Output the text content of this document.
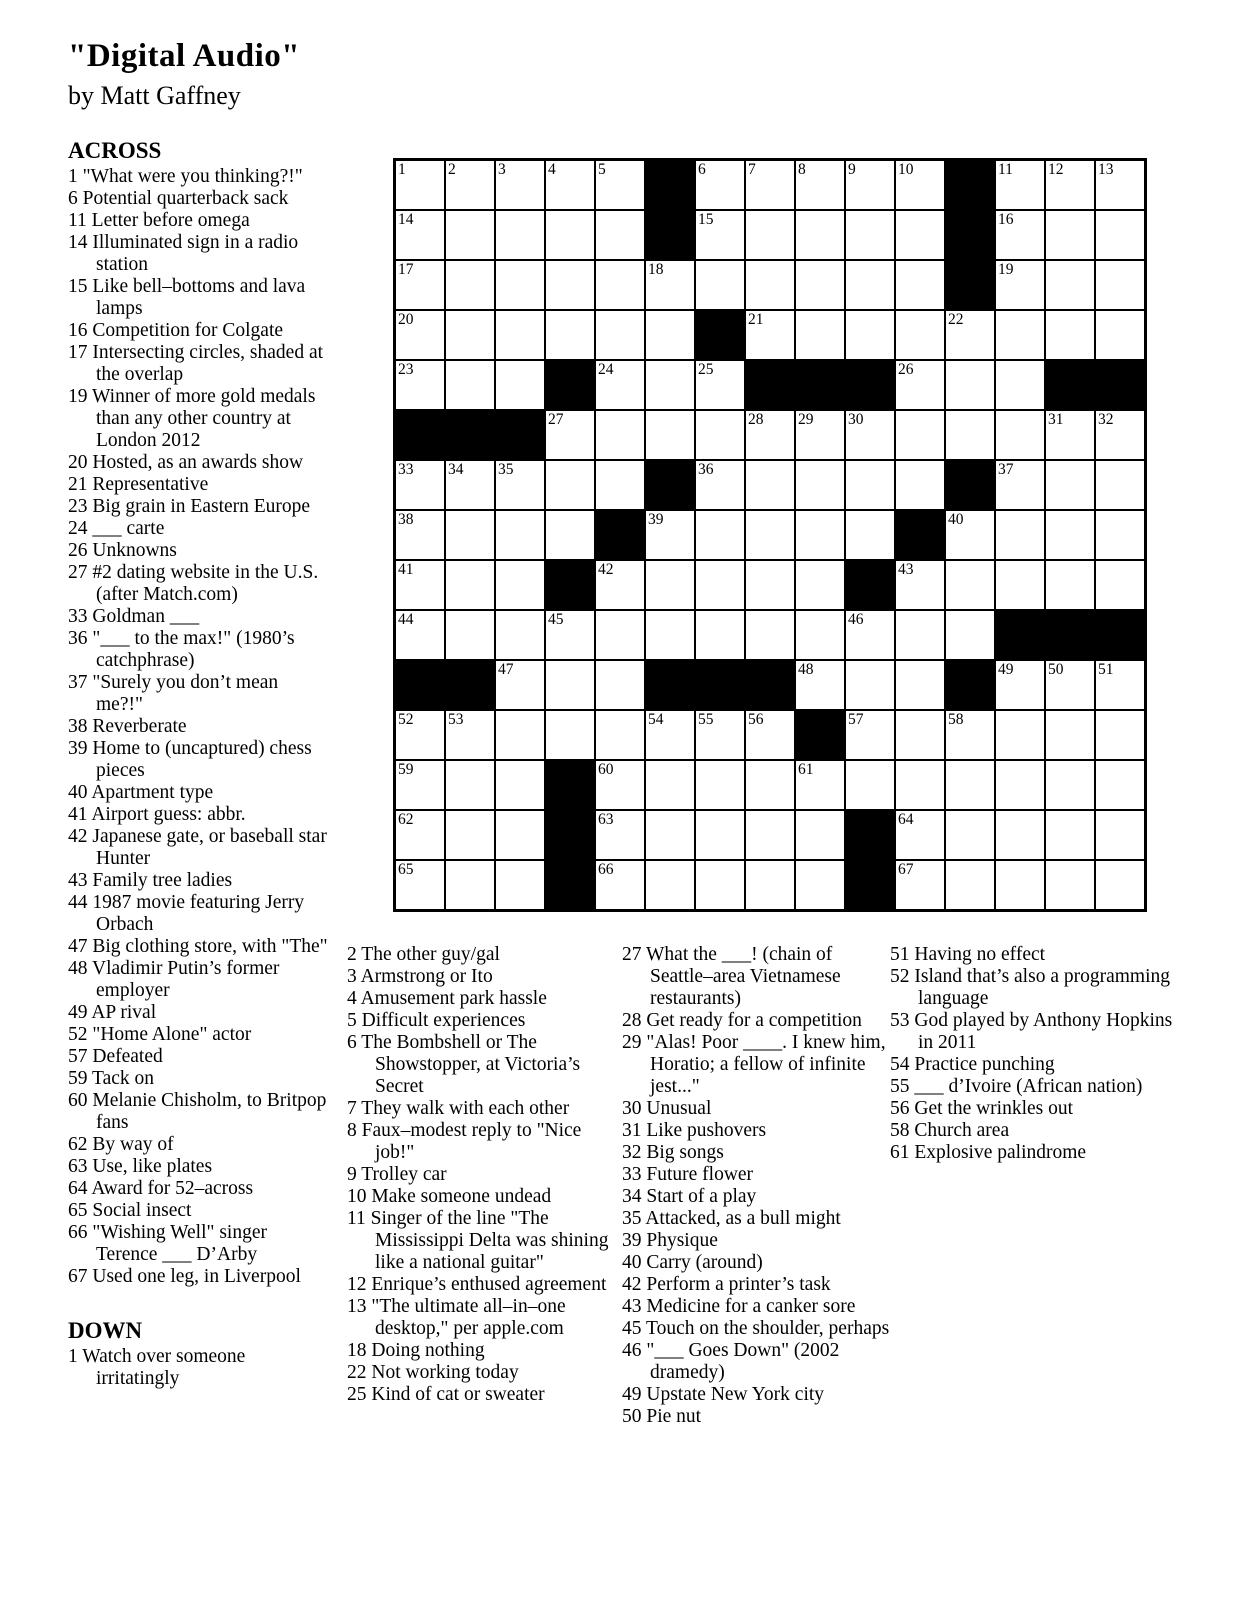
"Digital Audio"
by Matt Gaffney
ACROSS
1 "What were you thinking?!"
6 Potential quarterback sack
11 Letter before omega
14 Illuminated sign in a radio station
15 Like bell–bottoms and lava lamps
16 Competition for Colgate
17 Intersecting circles, shaded at the overlap
19 Winner of more gold medals than any other country at London 2012
20 Hosted, as an awards show
21 Representative
23 Big grain in Eastern Europe
24 ___ carte
26 Unknowns
27 #2 dating website in the U.S. (after Match.com)
33 Goldman ___
36 "___ to the max!" (1980’s catchphrase)
37 "Surely you don’t mean me?!"
38 Reverberate
39 Home to (uncaptured) chess pieces
40 Apartment type
41 Airport guess: abbr.
42 Japanese gate, or baseball star Hunter
43 Family tree ladies
44 1987 movie featuring Jerry Orbach
47 Big clothing store, with "The"
48 Vladimir Putin’s former employer
49 AP rival
52 "Home Alone" actor
57 Defeated
59 Tack on
60 Melanie Chisholm, to Britpop fans
62 By way of
63 Use, like plates
64 Award for 52–across
65 Social insect
66 "Wishing Well" singer Terence ___ D’Arby
67 Used one leg, in Liverpool
DOWN
1 Watch over someone irritatingly
1	2	3	4	5	6	7	8	9	10	11 12 13
14	15	16
17	18	19
20	21	22
23	24	25	26
27	28 29 30	31 32
33 34 35	36	37
38	39	40
41	42	43
44	45	46
47	48	49 50 51
52 53	54 55 56	57	58
59	60	61
62	63	64
65	66	67
2 The other guy/gal
3 Armstrong or Ito
4 Amusement park hassle
5 Difficult experiences
6 The Bombshell or The Showstopper, at Victoria’s Secret
7 They walk with each other
8 Faux–modest reply to "Nice job!"
9 Trolley car
10 Make someone undead
11 Singer of the line "The Mississippi Delta was shining like a national guitar"
12 Enrique’s enthused agreement
13 "The ultimate all–in–one desktop," per apple.com
18 Doing nothing
22 Not working today
25 Kind of cat or sweater
27 What the ___! (chain of Seattle–area Vietnamese restaurants)
28 Get ready for a competition
29 "Alas! Poor ____. I knew him, Horatio; a fellow of infinite jest..."
30 Unusual
31 Like pushovers
32 Big songs
33 Future flower
34 Start of a play
35 Attacked, as a bull might
39 Physique
40 Carry (around)
42 Perform a printer’s task
43 Medicine for a canker sore
45 Touch on the shoulder, perhaps
46 "___ Goes Down" (2002 dramedy)
49 Upstate New York city
50 Pie nut
51 Having no effect
52 Island that’s also a programming language
53 God played by Anthony Hopkins in 2011
54 Practice punching
55 ___ d’Ivoire (African nation)
56 Get the wrinkles out
58 Church area
61 Explosive palindrome
